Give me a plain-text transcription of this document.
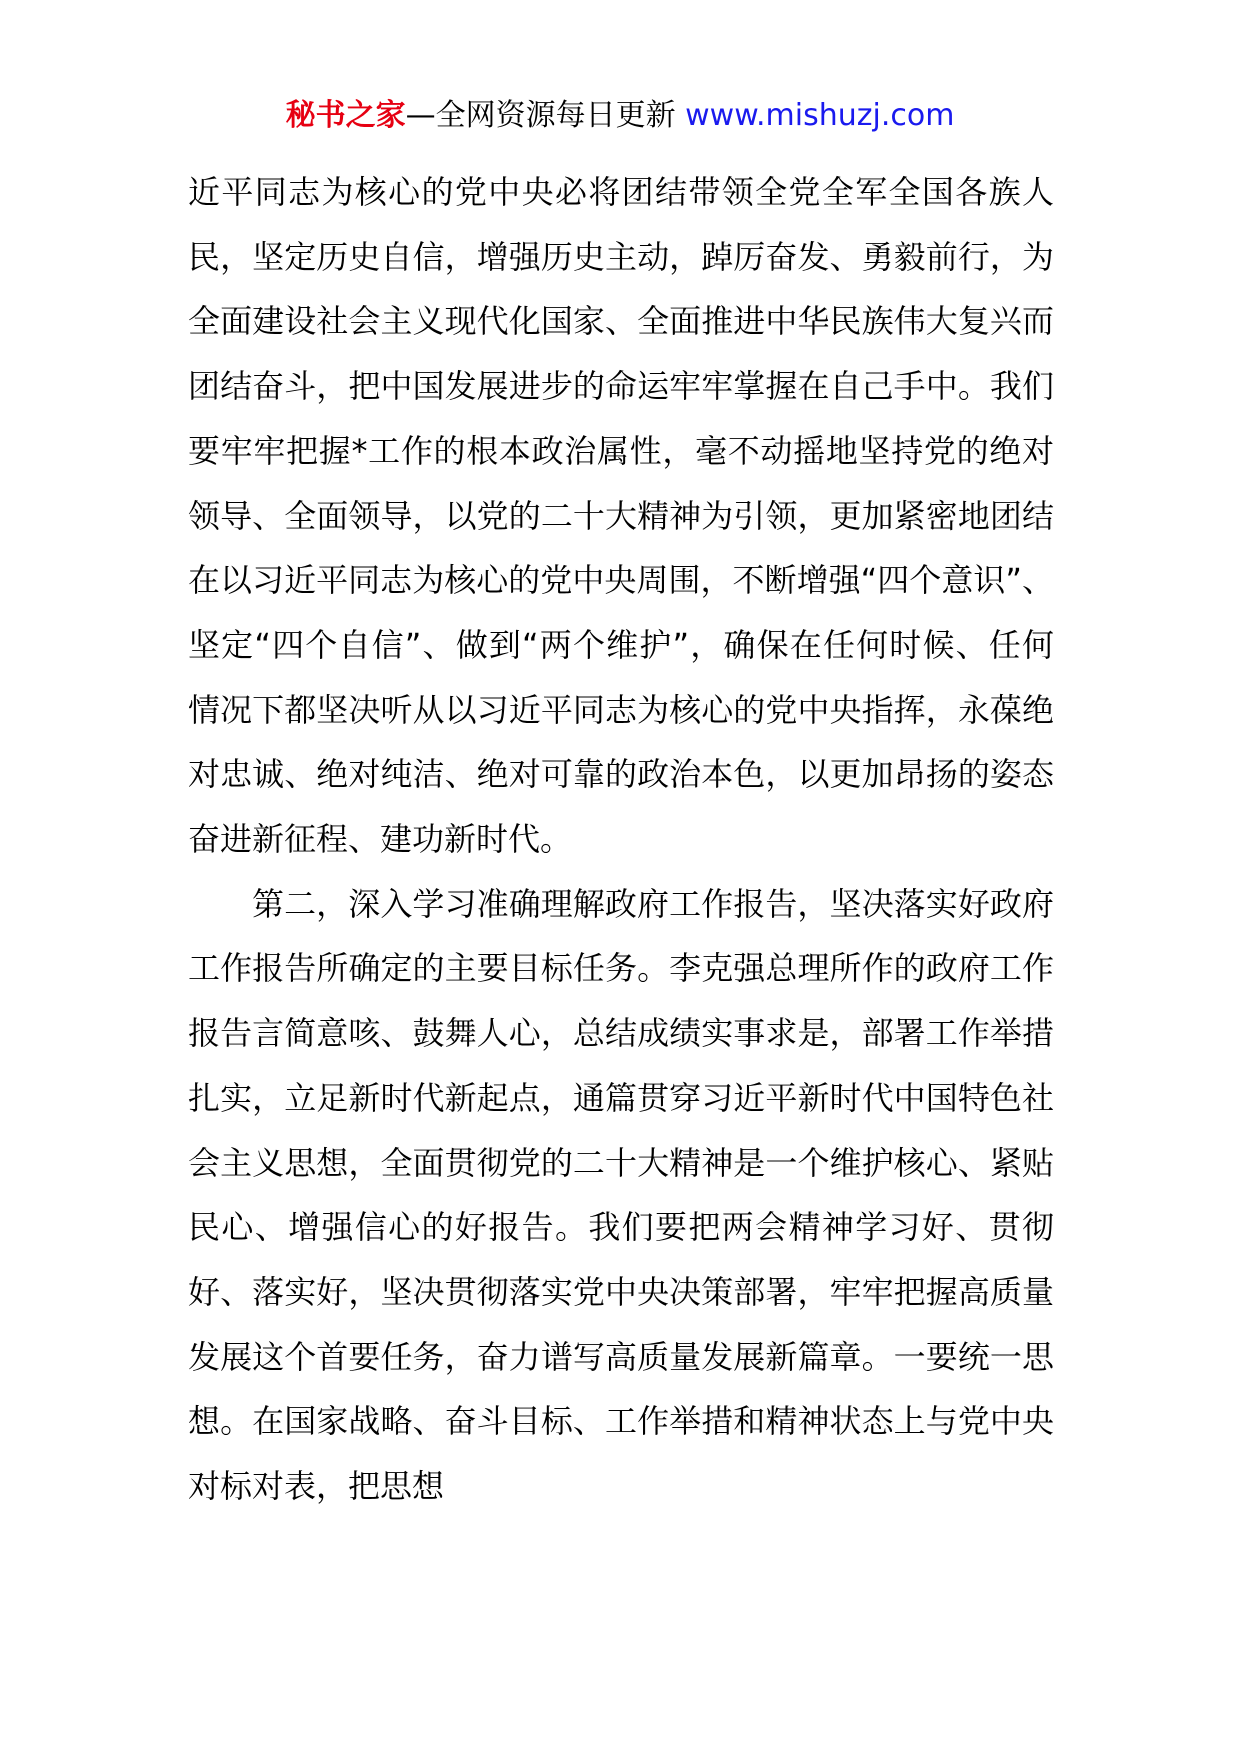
秘书之家—全网资源每日更新 www.mishuzj.com

近平同志为核心的党中央必将团结带领全党全军全国各族人民，坚定历史自信，增强历史主动，踔厉奋发、勇毅前行，为全面建设社会主义现代化国家、全面推进中华民族伟大复兴而团结奋斗，把中国发展进步的命运牢牢掌握在自己手中。我们要牢牢把握*工作的根本政治属性，毫不动摇地坚持党的绝对领导、全面领导，以党的二十大精神为引领，更加紧密地团结在以习近平同志为核心的党中央周围，不断增强“四个意识”、坚定“四个自信”、做到“两个维护”，确保在任何时候、任何情况下都坚决听从以习近平同志为核心的党中央指挥，永葆绝对忠诚、绝对纯洁、绝对可靠的政治本色，以更加昂扬的姿态奋进新征程、建功新时代。

第二，深入学习准确理解政府工作报告，坚决落实好政府工作报告所确定的主要目标任务。李克强总理所作的政府工作报告言简意咳、鼓舞人心，总结成绩实事求是，部署工作举措扎实，立足新时代新起点，通篇贯穿习近平新时代中国特色社会主义思想，全面贯彻党的二十大精神是一个维护核心、紧贴民心、增强信心的好报告。我们要把两会精神学习好、贯彻好、落实好，坚决贯彻落实党中央决策部署，牢牢把握高质量发展这个首要任务，奋力谱写高质量发展新篇章。一要统一思想。在国家战略、奋斗目标、工作举措和精神状态上与党中央对标对表，把思想
